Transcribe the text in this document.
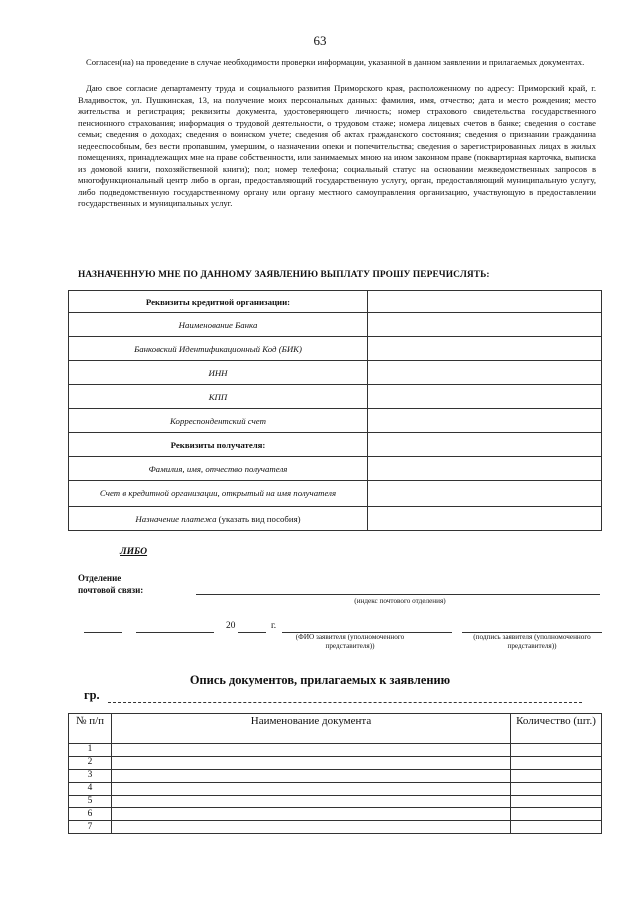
63

Согласен(на) на проведение в случае необходимости проверки информации, указанной в данном заявлении и прилагаемых документах.

Даю свое согласие департаменту труда и социального развития Приморского края, расположенному по адресу: Приморский край, г. Владивосток, ул. Пушкинская, 13, на получение моих персональных данных: фамилия, имя, отчество; дата и место рождения; место жительства и регистрация; реквизиты документа, удостоверяющего личность; номер страхового свидетельства государственного пенсионного страхования; информация о трудовой деятельности, о трудовом стаже; номера лицевых счетов в банке; сведения о составе семьи; сведения о доходах; сведения о воинском учете; сведения об актах гражданского состояния; сведения о признании гражданина недееспособным, без вести пропавшим, умершим, о назначении опеки и попечительства; сведения о зарегистрированных лицах в жилых помещениях, принадлежащих мне на праве собственности, или занимаемых мною на ином законном праве (поквартирная карточка, выписка из домовой книги, похозяйственной книги); пол; номер телефона; социальный статус на основании межведомственных запросов в многофункциональный центр либо в орган, предоставляющий государственную услугу, орган, предоставляющий муниципальную услугу, либо подведомственную государственному органу или органу местного самоуправления организацию, участвующую в предоставлении государственных и муниципальных услуг.

НАЗНАЧЕННУЮ МНЕ ПО ДАННОМУ ЗАЯВЛЕНИЮ ВЫПЛАТУ ПРОШУ ПЕРЕЧИСЛЯТЬ:
Реквизиты кредитной организации:	
Наименование Банка	
Банковский Идентификационный Код (БИК)	
ИНН	
КПП	
Корреспондентский счет	
Реквизиты получателя:	
Фамилия, имя, отчество получателя	
Счет в кредитной организации, открытый на имя получателя	
Назначение платежа (указать вид пособия)	
ЛИБО
Отделение
почтовой связи:
(индекс почтового отделения)
20	г.
(ФИО заявителя (уполномоченного представителя))
(подпись заявителя (уполномоченного представителя))
Опись документов, прилагаемых к заявлению
гр.
№ п/п	Наименование документа	Количество (шт.)
1		
2		
3		
4		
5		
6		
7		
